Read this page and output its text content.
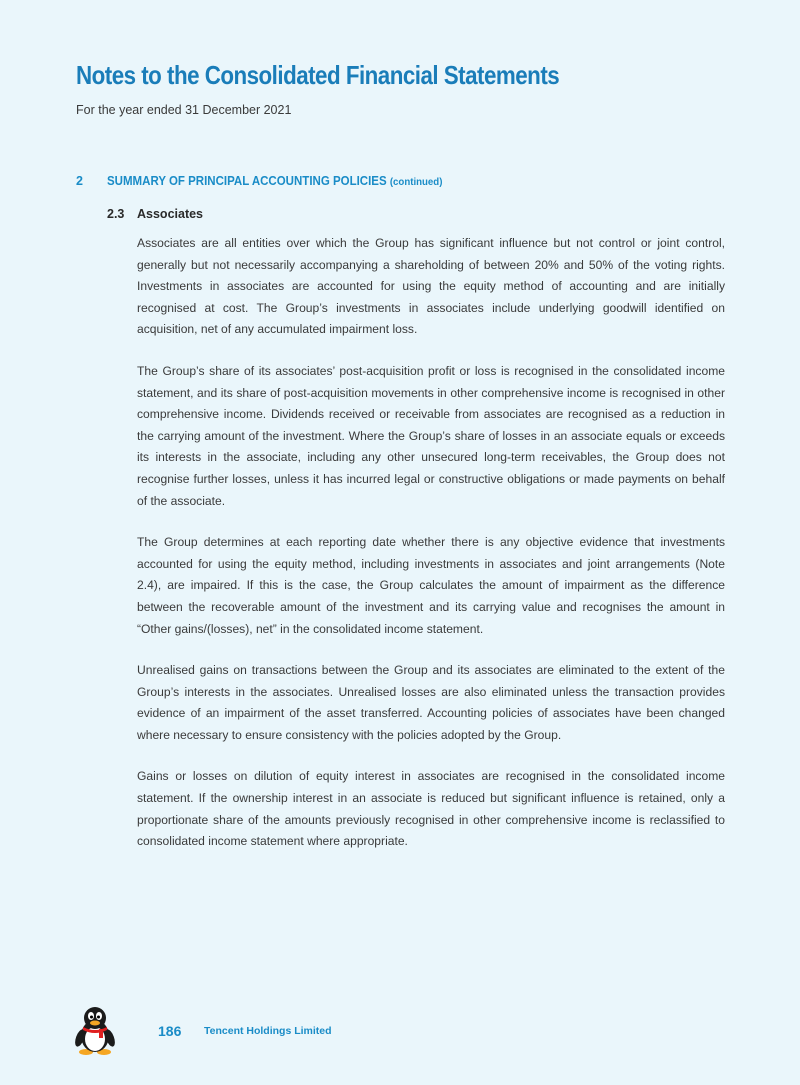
Notes to the Consolidated Financial Statements
For the year ended 31 December 2021
2 SUMMARY OF PRINCIPAL ACCOUNTING POLICIES (continued)
2.3 Associates

Associates are all entities over which the Group has significant influence but not control or joint control, generally but not necessarily accompanying a shareholding of between 20% and 50% of the voting rights. Investments in associates are accounted for using the equity method of accounting and are initially recognised at cost. The Group’s investments in associates include underlying goodwill identified on acquisition, net of any accumulated impairment loss.

The Group’s share of its associates’ post-acquisition profit or loss is recognised in the consolidated income statement, and its share of post-acquisition movements in other comprehensive income is recognised in other comprehensive income. Dividends received or receivable from associates are recognised as a reduction in the carrying amount of the investment. Where the Group’s share of losses in an associate equals or exceeds its interests in the associate, including any other unsecured long-term receivables, the Group does not recognise further losses, unless it has incurred legal or constructive obligations or made payments on behalf of the associate.

The Group determines at each reporting date whether there is any objective evidence that investments accounted for using the equity method, including investments in associates and joint arrangements (Note 2.4), are impaired. If this is the case, the Group calculates the amount of impairment as the difference between the recoverable amount of the investment and its carrying value and recognises the amount in “Other gains/(losses), net” in the consolidated income statement.

Unrealised gains on transactions between the Group and its associates are eliminated to the extent of the Group’s interests in the associates. Unrealised losses are also eliminated unless the transaction provides evidence of an impairment of the asset transferred. Accounting policies of associates have been changed where necessary to ensure consistency with the policies adopted by the Group.

Gains or losses on dilution of equity interest in associates are recognised in the consolidated income statement. If the ownership interest in an associate is reduced but significant influence is retained, only a proportionate share of the amounts previously recognised in other comprehensive income is reclassified to consolidated income statement where appropriate.

186 Tencent Holdings Limited
